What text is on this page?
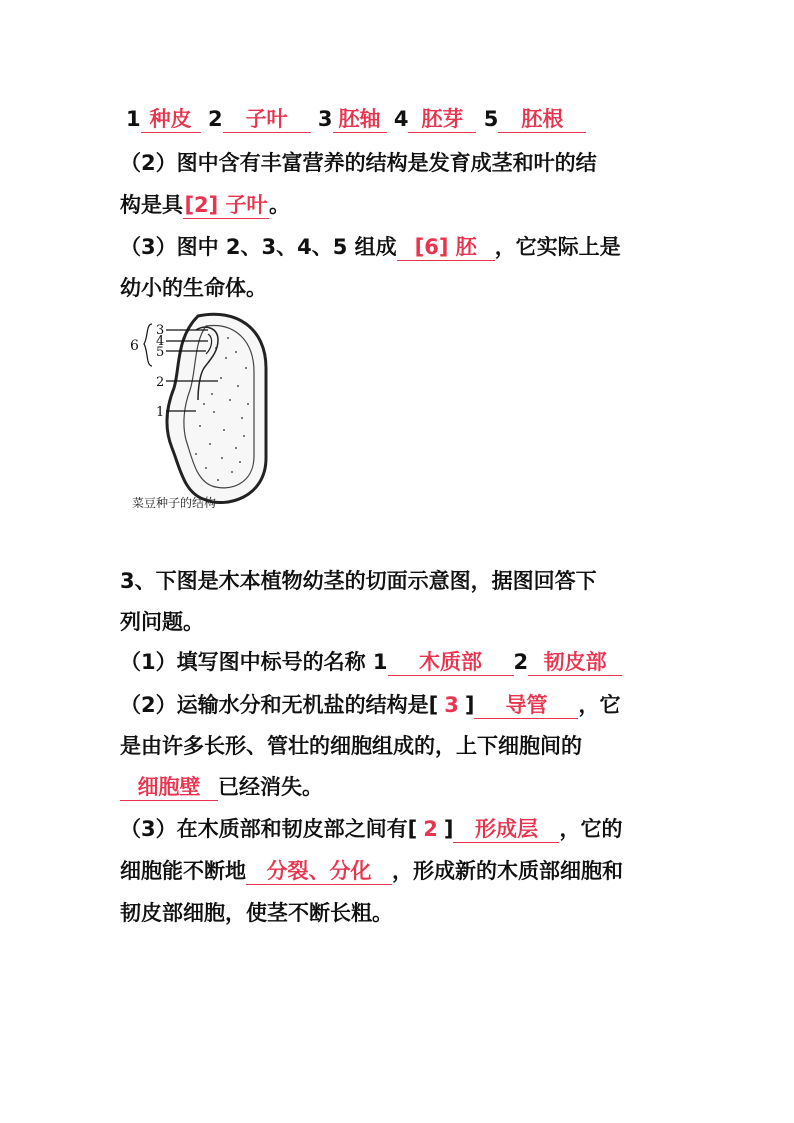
1 种皮 2 子叶 3 胚轴 4 胚芽 5 胚根
（2）图中含有丰富营养的结构是发育成茎和叶的结
构是具[2] 子叶。
（3）图中 2、3、4、5 组成 [6] 胚 ，它实际上是
幼小的生命体。
3
4
5
6
2
1
菜豆种子的结构
3、下图是木本植物幼茎的切面示意图，据图回答下
列问题。
（1）填写图中标号的名称 1 木质部 2 韧皮部
（2）运输水分和无机盐的结构是[ 3 ] 导管 ，它
是由许多长形、管壮的细胞组成的，上下细胞间的
细胞壁 已经消失。
（3）在木质部和韧皮部之间有[ 2 ] 形成层 ，它的
细胞能不断地 分裂、分化 ，形成新的木质部细胞和
韧皮部细胞，使茎不断长粗。
